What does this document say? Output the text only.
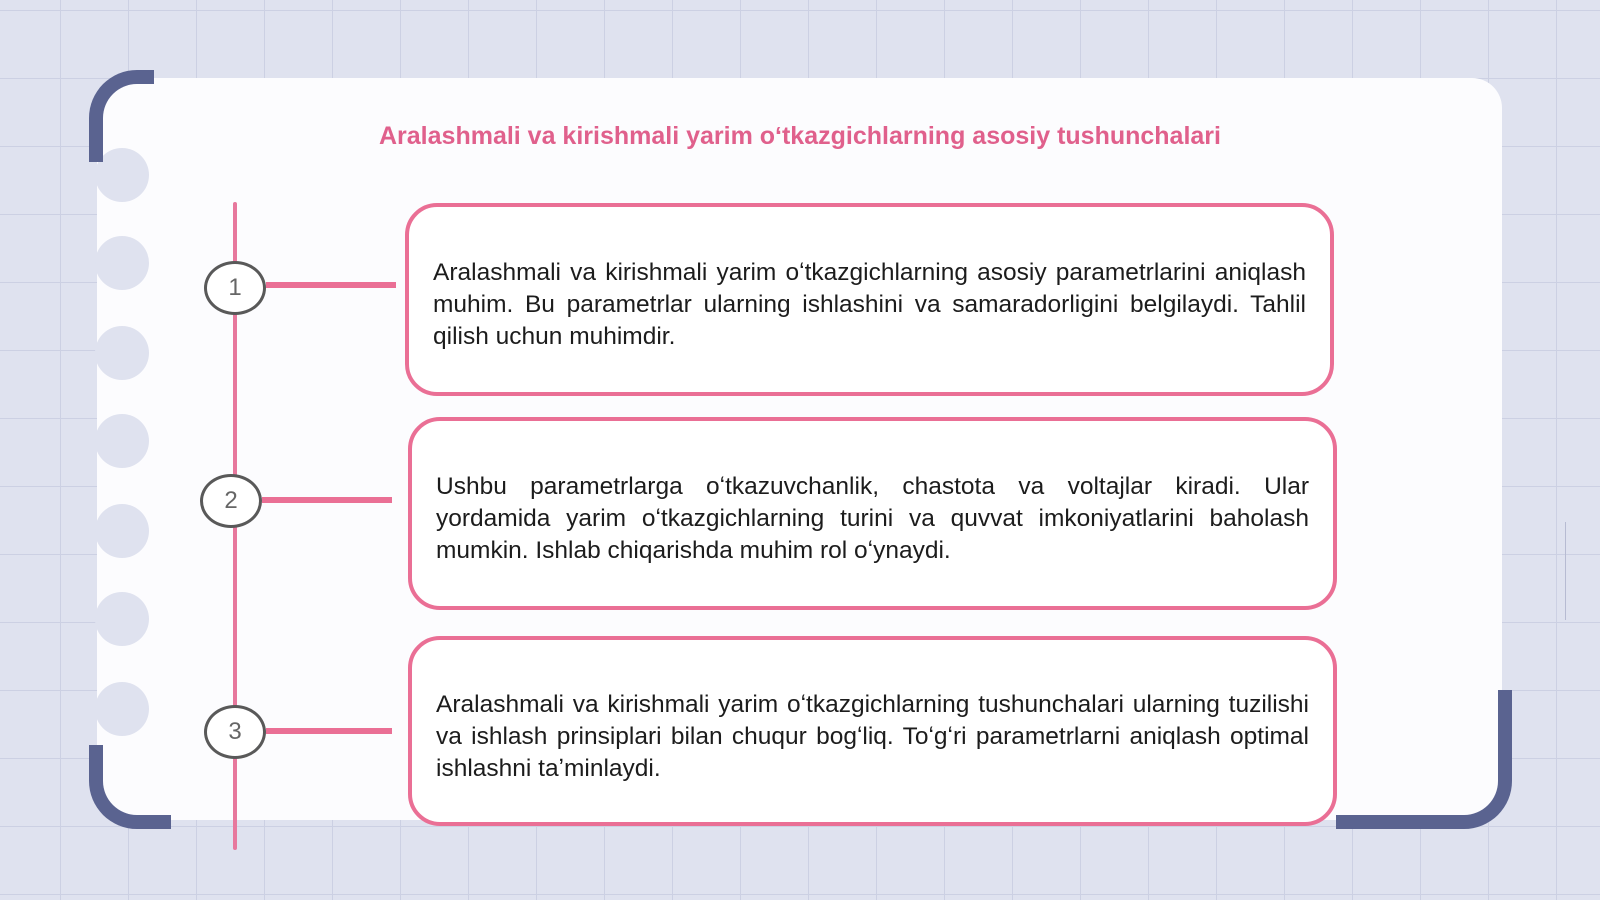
Aralashmali va kirishmali yarim oʻtkazgichlarning asosiy tushunchalari
1

Aralashmali va kirishmali yarim oʻtkazgichlarning asosiy parametrlarini aniqlash muhim. Bu parametrlar ularning ishlashini va samaradorligini belgilaydi. Tahlil qilish uchun muhimdir.

2

Ushbu parametrlarga oʻtkazuvchanlik, chastota va voltajlar kiradi. Ular yordamida yarim oʻtkazgichlarning turini va quvvat imkoniyatlarini baholash mumkin. Ishlab chiqarishda muhim rol oʻynaydi.

3

Aralashmali va kirishmali yarim oʻtkazgichlarning tushunchalari ularning tuzilishi va ishlash prinsiplari bilan chuqur bogʻliq. Toʻgʻri parametrlarni aniqlash optimal ishlashni taʼminlaydi.
